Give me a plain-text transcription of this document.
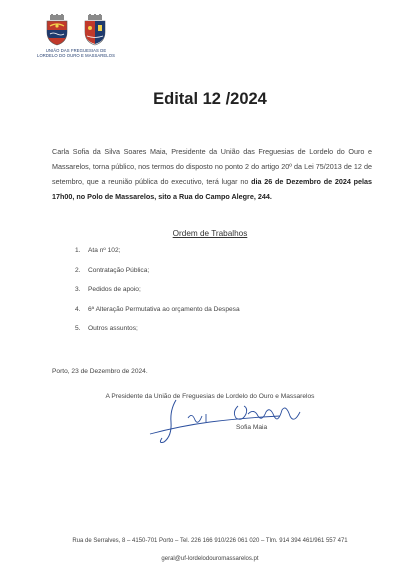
UNIÃO DAS FREGUESIAS DE
LORDELO DO OURO E MASSARELOS
Edital 12 /2024
Carla Sofia da Silva Soares Maia, Presidente da União das Freguesias de Lordelo do Ouro e Massarelos, torna público, nos termos do disposto no ponto 2 do artigo 20º da Lei 75/2013 de 12 de setembro, que a reunião pública do executivo, terá lugar no dia 26 de Dezembro de 2024 pelas 17h00, no Polo de Massarelos, sito a Rua do Campo Alegre, 244.
Ordem de Trabalhos
1.	Ata nº 102;
2.	Contratação Pública;
3.	Pedidos de apoio;
4.	6ª Alteração Permutativa ao orçamento da Despesa
5.	Outros assuntos;
Porto, 23 de Dezembro de 2024.
A Presidente da União de Freguesias de Lordelo do Ouro e Massarelos
Sofia Maia
Rua de Serralves, 8 – 4150-701 Porto – Tel. 226 166 910/226 061 020 – Tlm. 914 394 461/961 557 471
geral@uf-lordelodouromassarelos.pt
